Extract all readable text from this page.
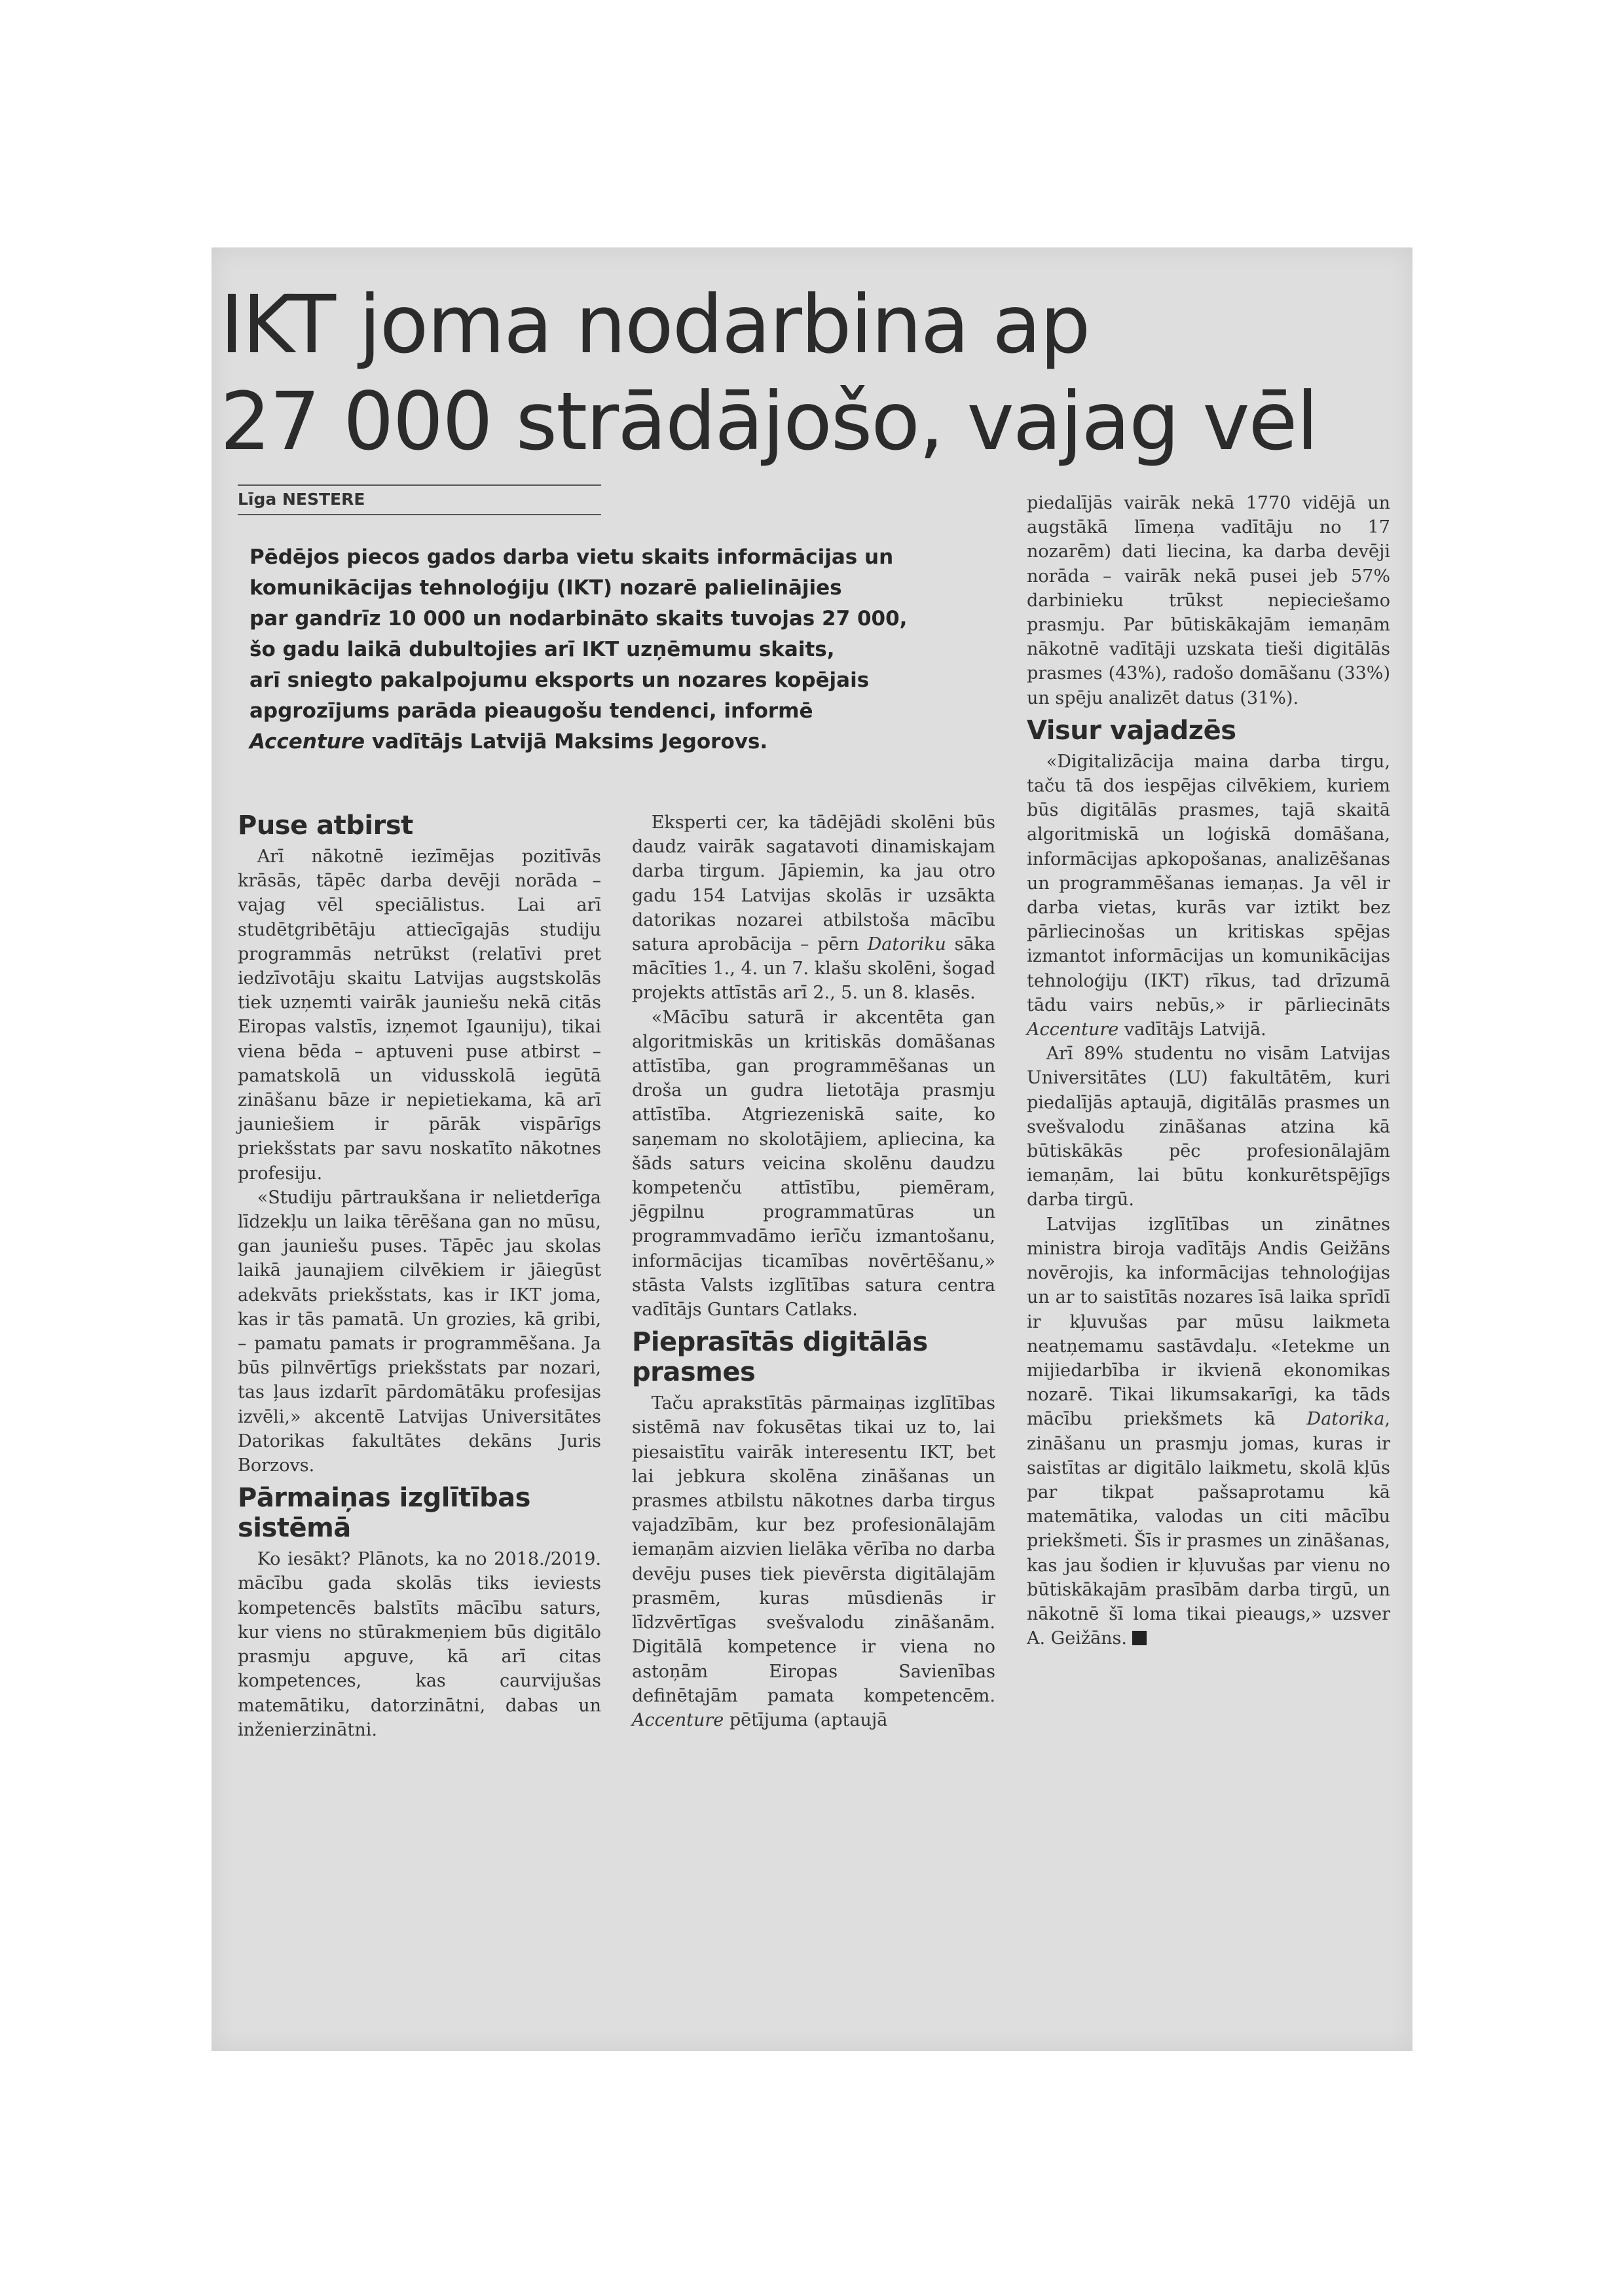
IKT joma nodarbina ap
27 000 strādājošo, vajag vēl
Līga NESTERE

Pēdējos piecos gados darba vietu skaits informācijas un
komunikācijas tehnoloģiju (IKT) nozarē palielinājies
par gandrīz 10 000 un nodarbināto skaits tuvojas 27 000,
šo gadu laikā dubultojies arī IKT uzņēmumu skaits,
arī sniegto pakalpojumu eksports un nozares kopējais
apgrozījums parāda pieaugošu tendenci, informē
Accenture vadītājs Latvijā Maksims Jegorovs.

Puse atbirst

Arī nākotnē iezīmējas pozitīvās krāsās, tāpēc darba devēji norāda – vajag vēl speciālistus. Lai arī studētgribētāju attiecīgajās studiju programmās netrūkst (relatīvi pret iedzīvotāju skaitu Latvijas augstskolās tiek uzņemti vairāk jauniešu nekā citās Eiropas valstīs, izņemot Igauniju), tikai viena bēda – aptuveni puse atbirst – pamatskolā un vidusskolā iegūtā zināšanu bāze ir nepietiekama, kā arī jauniešiem ir pārāk vispārīgs priekšstats par savu noskatīto nākotnes profesiju.

«Studiju pārtraukšana ir nelietderīga līdzekļu un laika tērēšana gan no mūsu, gan jauniešu puses. Tāpēc jau skolas laikā jaunajiem cilvēkiem ir jāiegūst adekvāts priekšstats, kas ir IKT joma, kas ir tās pamatā. Un grozies, kā gribi, – pamatu pamats ir programmēšana. Ja būs pilnvērtīgs priekšstats par nozari, tas ļaus izdarīt pārdomātāku profesijas izvēli,» akcentē Latvijas Universitātes Datorikas fakultātes dekāns Juris Borzovs.

Pārmaiņas izglītības sistēmā

Ko iesākt? Plānots, ka no 2018./2019. mācību gada skolās tiks ieviests kompetencēs balstīts mācību saturs, kur viens no stūrakmeņiem būs digitālo prasmju apguve, kā arī citas kompetences, kas caurvijušas matemātiku, datorzinātni, dabas un inženierzinātni.

Eksperti cer, ka tādējādi skolēni būs daudz vairāk sagatavoti dinamiskajam darba tirgum. Jāpiemin, ka jau otro gadu 154 Latvijas skolās ir uzsākta datorikas nozarei atbilstoša mācību satura aprobācija – pērn Datoriku sāka mācīties 1., 4. un 7. klašu skolēni, šogad projekts attīstās arī 2., 5. un 8. klasēs.

«Mācību saturā ir akcentēta gan algoritmiskās un kritiskās domāšanas attīstība, gan programmēšanas un droša un gudra lietotāja prasmju attīstība. Atgriezeniskā saite, ko saņemam no skolotājiem, apliecina, ka šāds saturs veicina skolēnu daudzu kompetenču attīstību, piemēram, jēgpilnu programmatūras un programmvadāmo ierīču izmantošanu, informācijas ticamības novērtēšanu,» stāsta Valsts izglītības satura centra vadītājs Guntars Catlaks.

Pieprasītās digitālās prasmes

Taču aprakstītās pārmaiņas izglītības sistēmā nav fokusētas tikai uz to, lai piesaistītu vairāk interesentu IKT, bet lai jebkura skolēna zināšanas un prasmes atbilstu nākotnes darba tirgus vajadzībām, kur bez profesionālajām iemaņām aizvien lielāka vērība no darba devēju puses tiek pievērsta digitālajām prasmēm, kuras mūsdienās ir līdzvērtīgas svešvalodu zināšanām. Digitālā kompetence ir viena no astoņām Eiropas Savienības definētajām pamata kompetencēm. Accenture pētījuma (aptaujā

piedalījās vairāk nekā 1770 vidējā un augstākā līmeņa vadītāju no 17 nozarēm) dati liecina, ka darba devēji norāda – vairāk nekā pusei jeb 57% darbinieku trūkst nepieciešamo prasmju. Par būtiskākajām iemaņām nākotnē vadītāji uzskata tieši digitālās prasmes (43%), radošo domāšanu (33%) un spēju analizēt datus (31%).

Visur vajadzēs

«Digitalizācija maina darba tirgu, taču tā dos iespējas cilvēkiem, kuriem būs digitālās prasmes, tajā skaitā algoritmiskā un loģiskā domāšana, informācijas apkopošanas, analizēšanas un programmēšanas iemaņas. Ja vēl ir darba vietas, kurās var iztikt bez pārliecinošas un kritiskas spējas izmantot informācijas un komunikācijas tehnoloģiju (IKT) rīkus, tad drīzumā tādu vairs nebūs,» ir pārliecināts Accenture vadītājs Latvijā.

Arī 89% studentu no visām Latvijas Universitātes (LU) fakultātēm, kuri piedalījās aptaujā, digitālās prasmes un svešvalodu zināšanas atzina kā būtiskākās pēc profesionālajām iemaņām, lai būtu konkurētspējīgs darba tirgū.

Latvijas izglītības un zinātnes ministra biroja vadītājs Andis Geižāns novērojis, ka informācijas tehnoloģijas un ar to saistītās nozares īsā laika sprīdī ir kļuvušas par mūsu laikmeta neatņemamu sastāvdaļu. «Ietekme un mijiedarbība ir ikvienā ekonomikas nozarē. Tikai likumsakarīgi, ka tāds mācību priekšmets kā Datorika, zināšanu un prasmju jomas, kuras ir saistītas ar digitālo laikmetu, skolā kļūs par tikpat pašsaprotamu kā matemātika, valodas un citi mācību priekšmeti. Šīs ir prasmes un zināšanas, kas jau šodien ir kļuvušas par vienu no būtiskākajām prasībām darba tirgū, un nākotnē šī loma tikai pieaugs,» uzsver A. Geižāns.
